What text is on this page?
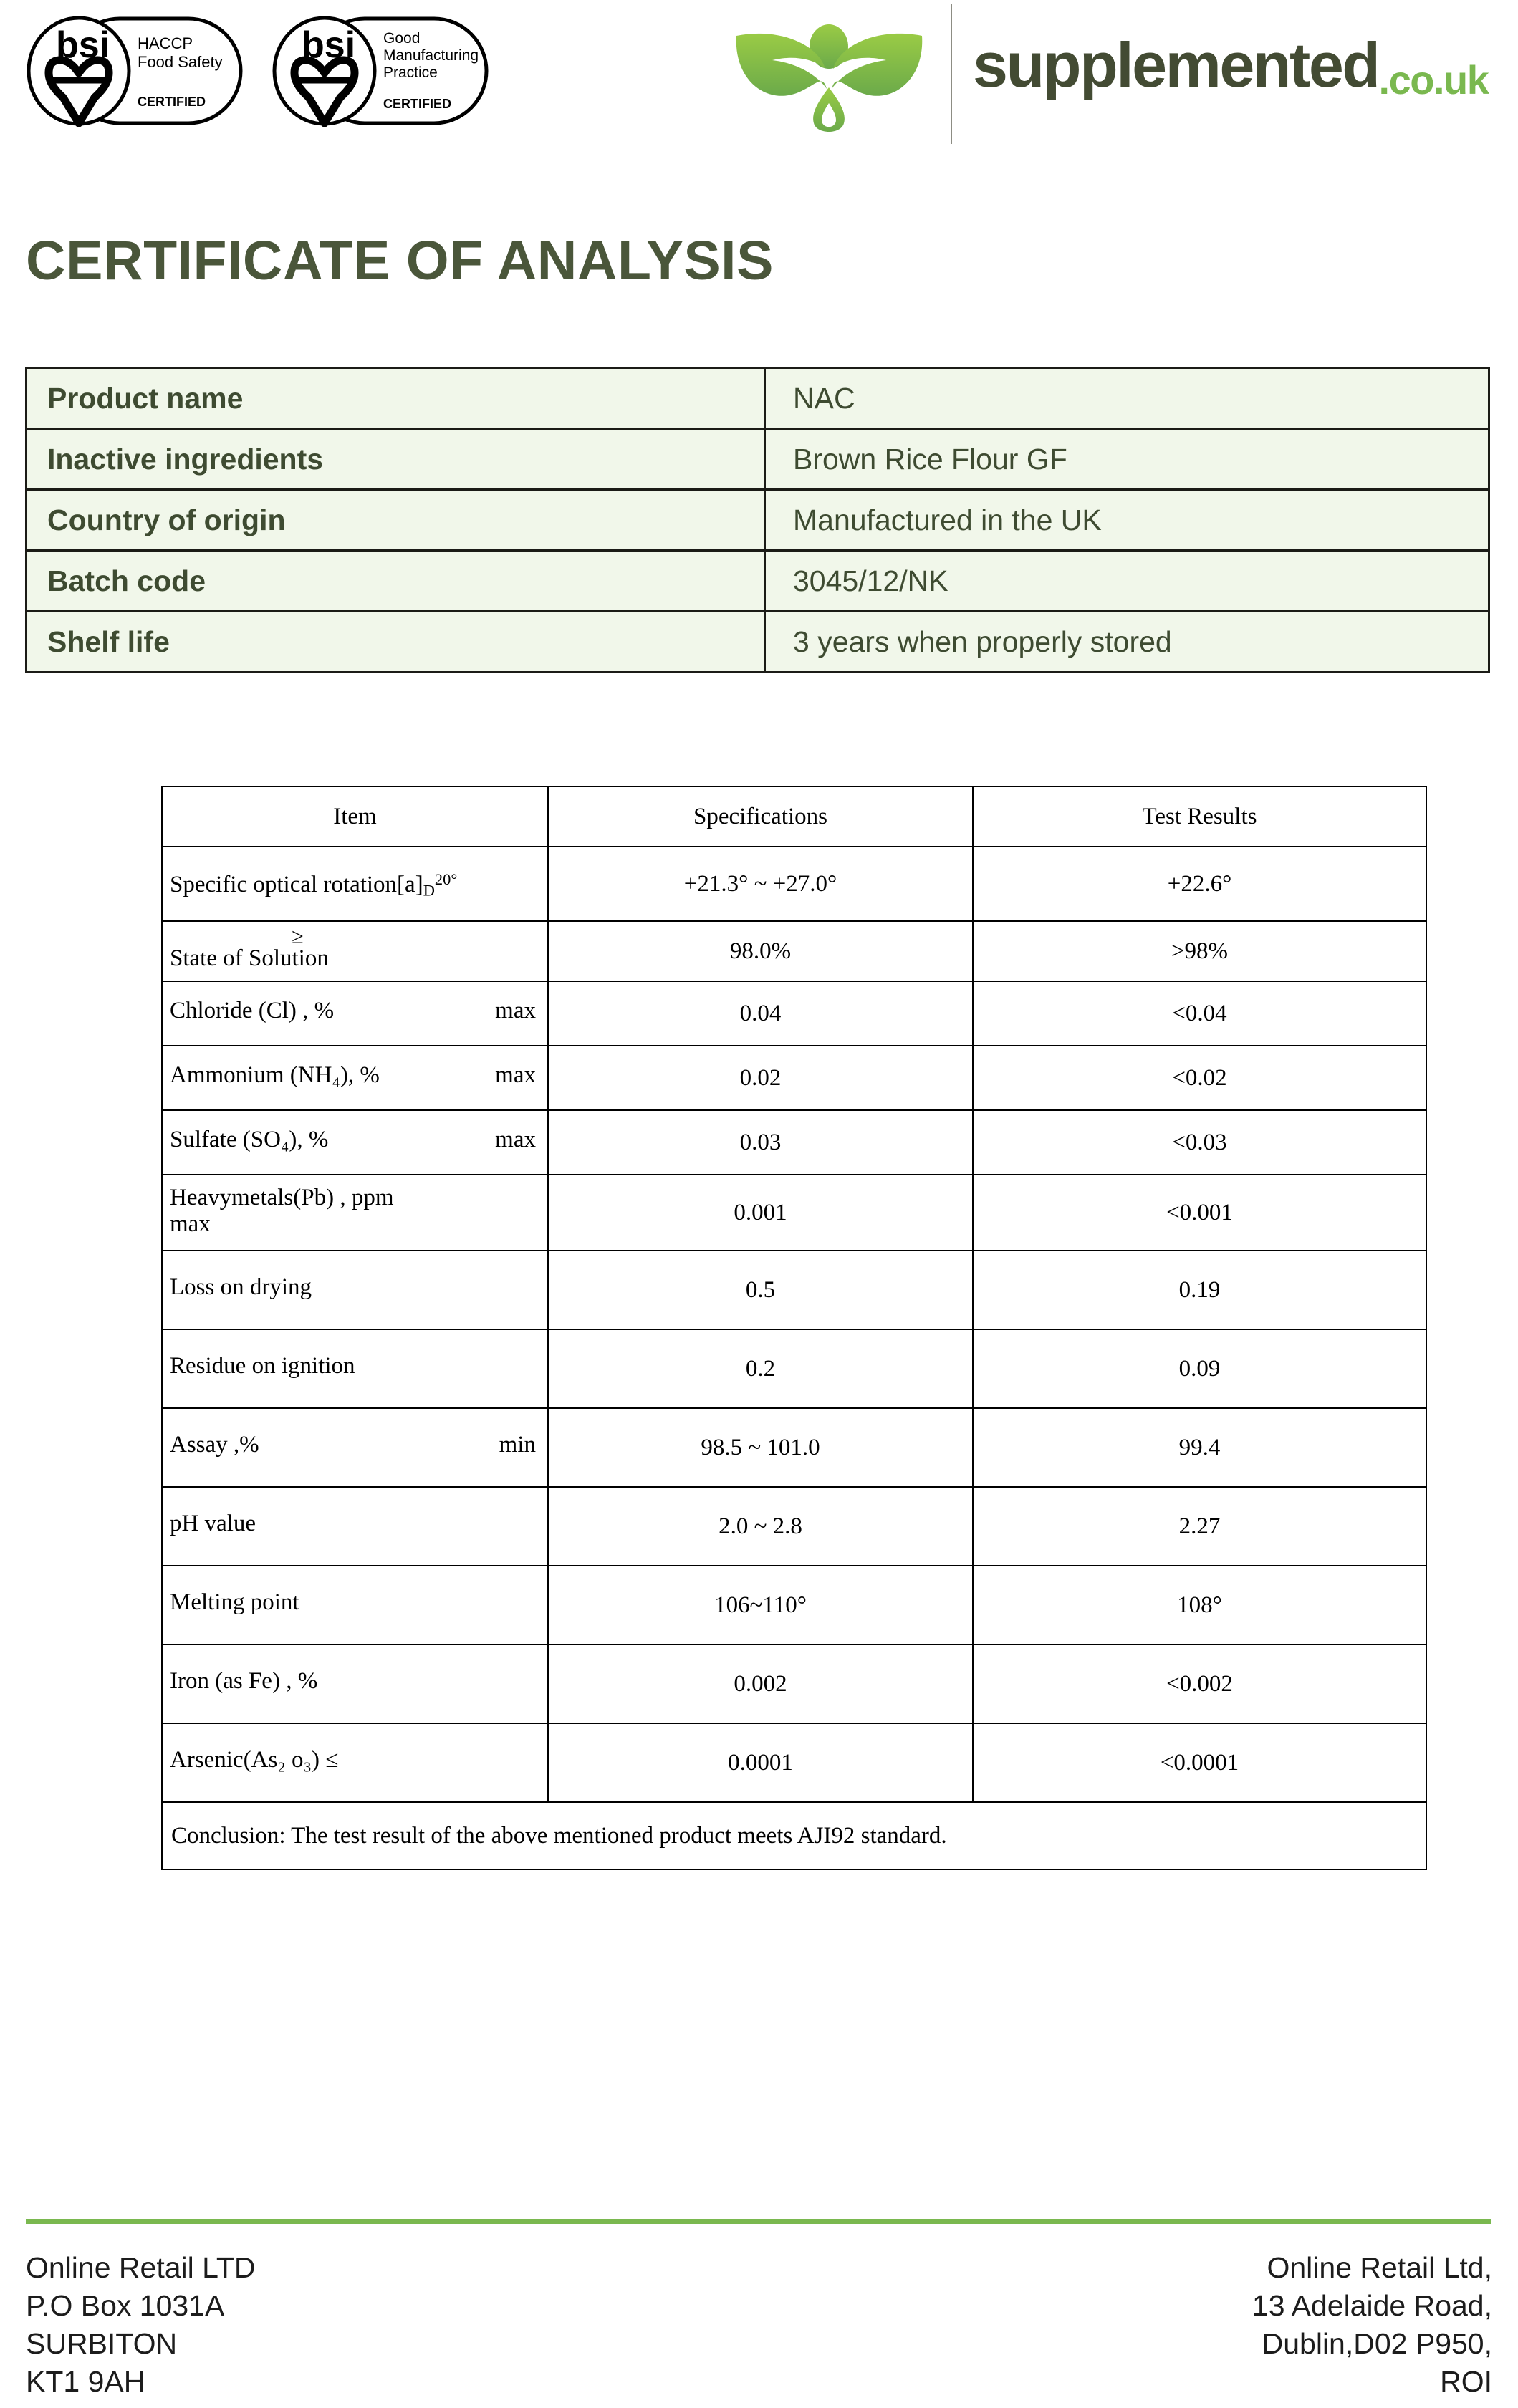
bsi HACCP
Food Safety
CERTIFIED
bsi Good
Manufacturing
Practice
CERTIFIED
supplemented .co.uk
CERTIFICATE OF ANALYSIS
Product name	NAC
Inactive ingredients	Brown Rice Flour GF
Country of origin	Manufactured in the UK
Batch code	3045/12/NK
Shelf life	3 years when properly stored
Item	Specifications	Test Results
Specific optical $rotation[a]_D^{20^\circ}$	+21.3° ~ +27.0°	+22.6°

≥
State of Solution	98.0%	>98%

Chloride (Cl) , % max	0.04	<0.04

Ammonium (NH₄), % max	0.02	<0.02

Sulfate (SO₄), % max	0.03	<0.03
Heavymetals(Pb) , ppm
max	0.001	<0.001
Loss on drying	0.5	0.19
Residue on ignition	0.2	0.09

Assay ,% min	98.5 ~ 101.0	99.4
pH value	2.0 ~ 2.8	2.27
Melting point	106~110°	108°
Iron (as Fe) , %	0.002	<0.002
Arsenic(As₂ o₃) ≤	0.0001	<0.0001
Conclusion: The test result of the above mentioned product meets AJI92 standard.		
Online Retail LTD
P.O Box 1031A
SURBITON
KT1 9AH
Online Retail Ltd,
13 Adelaide Road,
Dublin,D02 P950,
ROI
